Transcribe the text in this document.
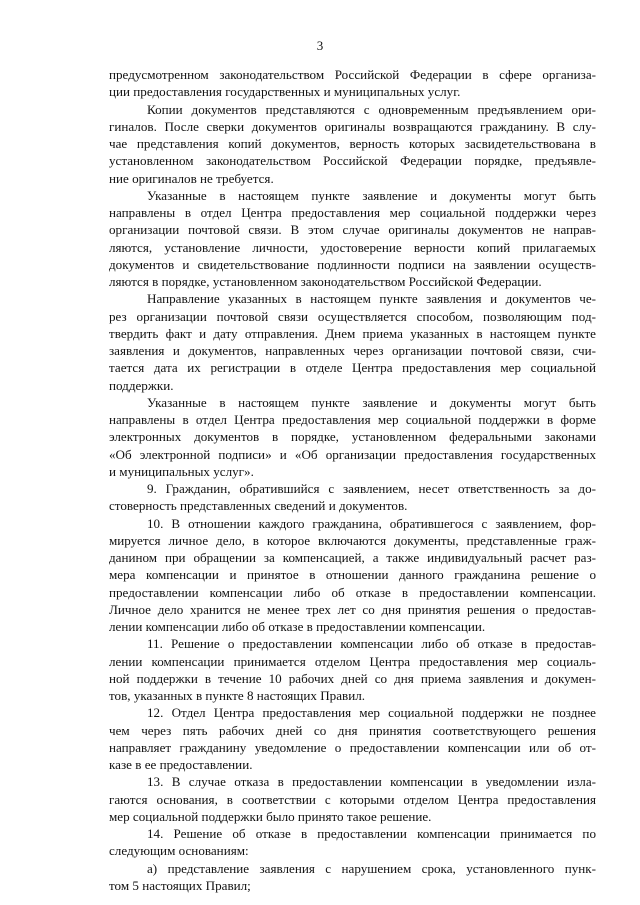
3
предусмотренном законодательством Российской Федерации в сфере организа-
ции предоставления государственных и муниципальных услуг.
Копии документов представляются с одновременным предъявлением ори-
гиналов. После сверки документов оригиналы возвращаются гражданину. В слу-
чае представления копий документов, верность которых засвидетельствована в
установленном законодательством Российской Федерации порядке, предъявле-
ние оригиналов не требуется.
Указанные в настоящем пункте заявление и документы могут быть
направлены в отдел Центра предоставления мер социальной поддержки через
организации почтовой связи. В этом случае оригиналы документов не направ-
ляются, установление личности, удостоверение верности копий прилагаемых
документов и свидетельствование подлинности подписи на заявлении осуществ-
ляются в порядке, установленном законодательством Российской Федерации.
Направление указанных в настоящем пункте заявления и документов че-
рез организации почтовой связи осуществляется способом, позволяющим под-
твердить факт и дату отправления. Днем приема указанных в настоящем пункте
заявления и документов, направленных через организации почтовой связи, счи-
тается дата их регистрации в отделе Центра предоставления мер социальной
поддержки.
Указанные в настоящем пункте заявление и документы могут быть
направлены в отдел Центра предоставления мер социальной поддержки в форме
электронных документов в порядке, установленном федеральными законами
«Об электронной подписи» и «Об организации предоставления государственных
и муниципальных услуг».
9. Гражданин, обратившийся с заявлением, несет ответственность за до-
стоверность представленных сведений и документов.
10. В отношении каждого гражданина, обратившегося с заявлением, фор-
мируется личное дело, в которое включаются документы, представленные граж-
данином при обращении за компенсацией, а также индивидуальный расчет раз-
мера компенсации и принятое в отношении данного гражданина решение о
предоставлении компенсации либо об отказе в предоставлении компенсации.
Личное дело хранится не менее трех лет со дня принятия решения о предостав-
лении компенсации либо об отказе в предоставлении компенсации.
11. Решение о предоставлении компенсации либо об отказе в предостав-
лении компенсации принимается отделом Центра предоставления мер социаль-
ной поддержки в течение 10 рабочих дней со дня приема заявления и докумен-
тов, указанных в пункте 8 настоящих Правил.
12. Отдел Центра предоставления мер социальной поддержки не позднее
чем через пять рабочих дней со дня принятия соответствующего решения
направляет гражданину уведомление о предоставлении компенсации или об от-
казе в ее предоставлении.
13. В случае отказа в предоставлении компенсации в уведомлении изла-
гаются основания, в соответствии с которыми отделом Центра предоставления
мер социальной поддержки было принято такое решение.
14. Решение об отказе в предоставлении компенсации принимается по
следующим основаниям:
а) представление заявления с нарушением срока, установленного пунк-
том 5 настоящих Правил;
